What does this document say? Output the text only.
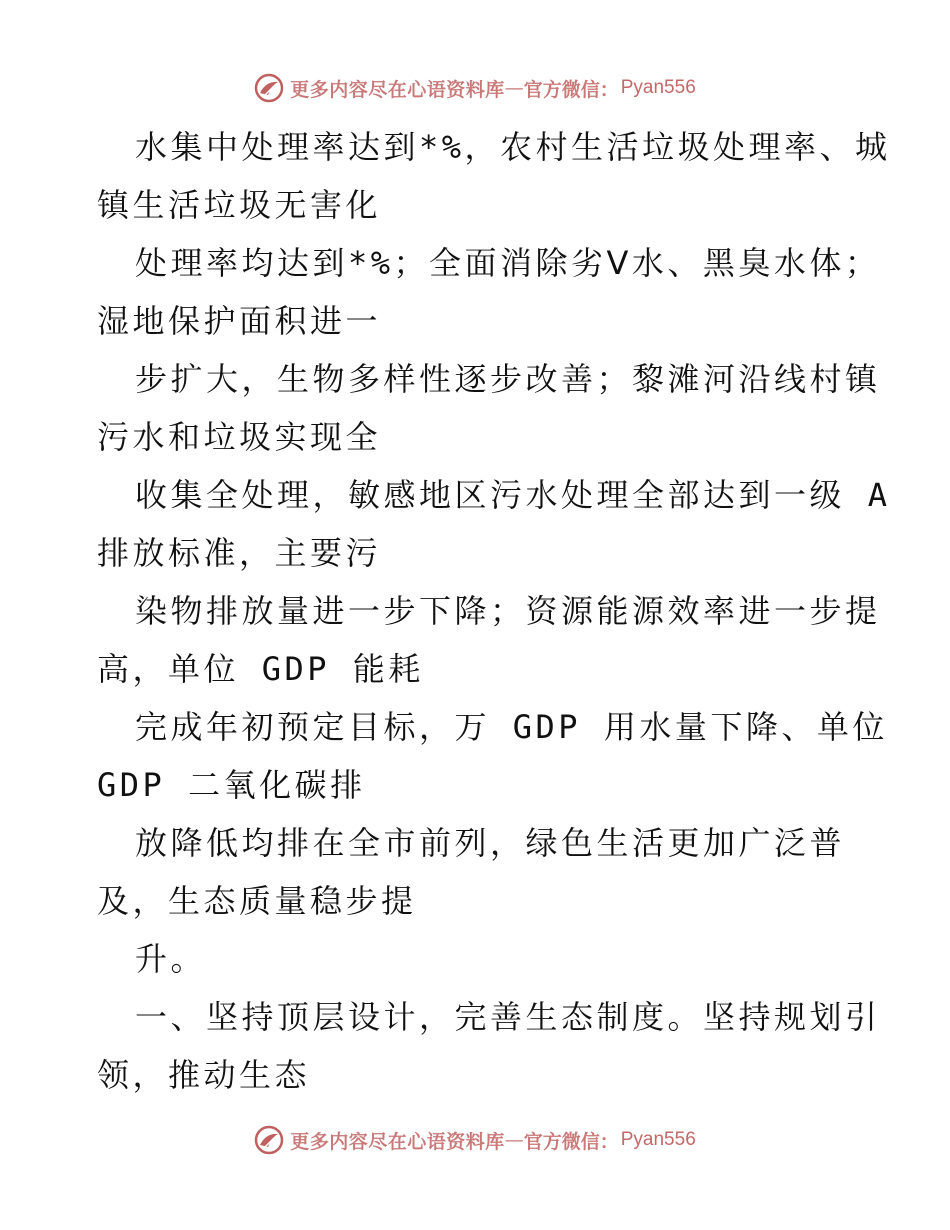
更多内容尽在心语资料库 — 官方微信： Pyan556
水集中处理率达到*%，农村生活垃圾处理率、城
镇生活垃圾无害化
处理率均达到*%；全面消除劣Ⅴ水、黑臭水体；
湿地保护面积进一
步扩大，生物多样性逐步改善；黎滩河沿线村镇
污水和垃圾实现全
收集全处理，敏感地区污水处理全部达到一级 A
排放标准，主要污
染物排放量进一步下降；资源能源效率进一步提
高，单位 GDP 能耗
完成年初预定目标，万 GDP 用水量下降、单位
GDP 二氧化碳排
放降低均排在全市前列，绿色生活更加广泛普
及，生态质量稳步提
升。
一、坚持顶层设计，完善生态制度。坚持规划引
领，推动生态
更多内容尽在心语资料库 — 官方微信： Pyan556
